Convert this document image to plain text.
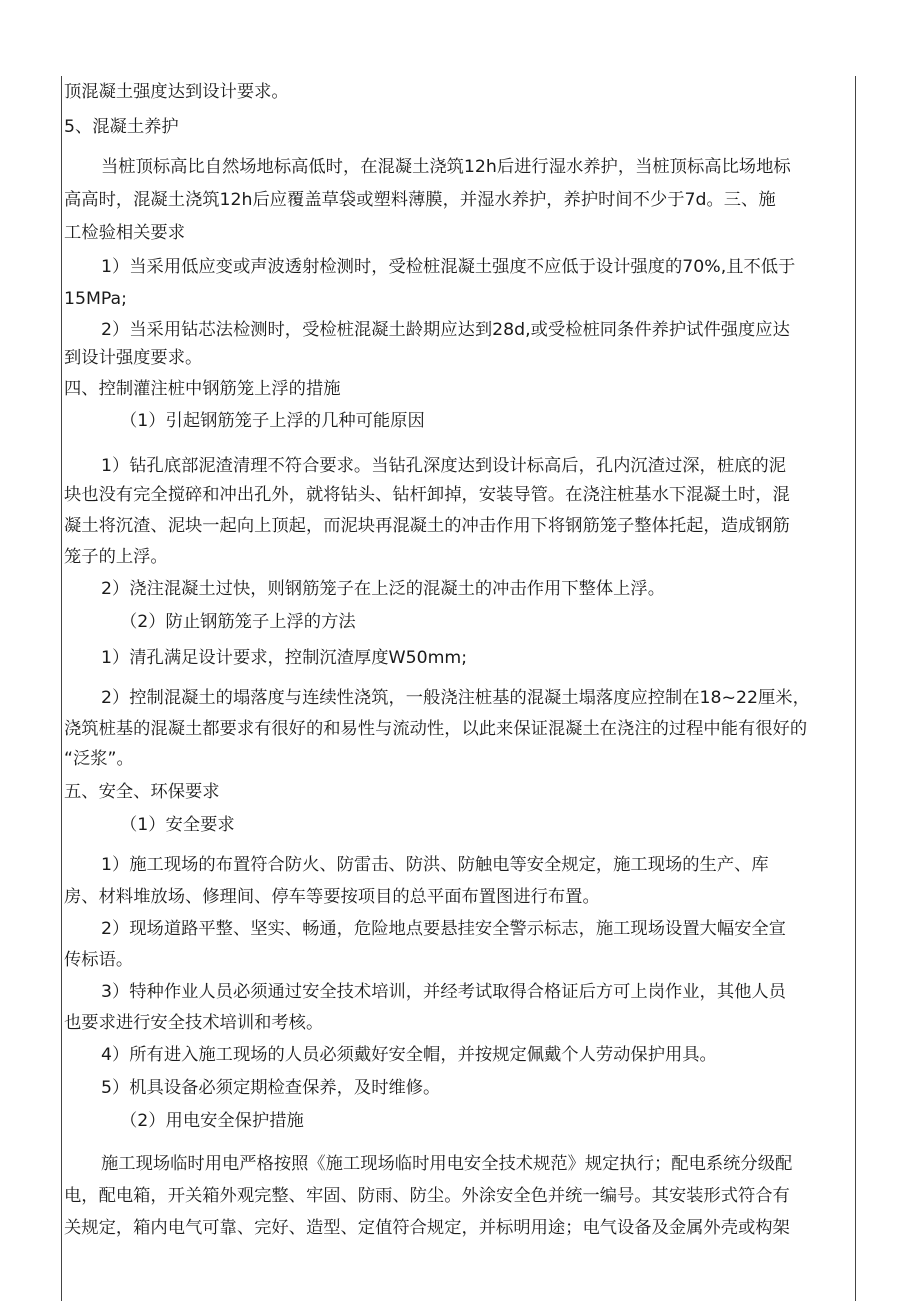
顶混凝土强度达到设计要求。
5、混凝土养护
当桩顶标高比自然场地标高低时，在混凝土浇筑12h后进行湿水养护，当桩顶标高比场地标
高高时，混凝土浇筑12h后应覆盖草袋或塑料薄膜，并湿水养护，养护时间不少于7d。三、施
工检验相关要求
1）当采用低应变或声波透射检测时，受检桩混凝土强度不应低于设计强度的70%,且不低于
15MPa;
2）当采用钻芯法检测时，受检桩混凝土龄期应达到28d,或受检桩同条件养护试件强度应达
到设计强度要求。
四、控制灌注桩中钢筋笼上浮的措施
（1）引起钢筋笼子上浮的几种可能原因
1）钻孔底部泥渣清理不符合要求。当钻孔深度达到设计标高后，孔内沉渣过深，桩底的泥
块也没有完全搅碎和冲出孔外，就将钻头、钻杆卸掉，安装导管。在浇注桩基水下混凝土时，混
凝土将沉渣、泥块一起向上顶起，而泥块再混凝土的冲击作用下将钢筋笼子整体托起，造成钢筋
笼子的上浮。
2）浇注混凝土过快，则钢筋笼子在上泛的混凝土的冲击作用下整体上浮。
（2）防止钢筋笼子上浮的方法
1）清孔满足设计要求，控制沉渣厚度W50mm;
2）控制混凝土的塌落度与连续性浇筑，一般浇注桩基的混凝土塌落度应控制在18~22厘米，
浇筑桩基的混凝土都要求有很好的和易性与流动性，以此来保证混凝土在浇注的过程中能有很好的
“泛浆”。
五、安全、环保要求
（1）安全要求
1）施工现场的布置符合防火、防雷击、防洪、防触电等安全规定，施工现场的生产、库
房、材料堆放场、修理间、停车等要按项目的总平面布置图进行布置。
2）现场道路平整、坚实、畅通，危险地点要悬挂安全警示标志，施工现场设置大幅安全宣
传标语。
3）特种作业人员必须通过安全技术培训，并经考试取得合格证后方可上岗作业，其他人员
也要求进行安全技术培训和考核。
4）所有进入施工现场的人员必须戴好安全帽，并按规定佩戴个人劳动保护用具。
5）机具设备必须定期检查保养，及时维修。
（2）用电安全保护措施
施工现场临时用电严格按照《施工现场临时用电安全技术规范》规定执行；配电系统分级配
电，配电箱，开关箱外观完整、牢固、防雨、防尘。外涂安全色并统一编号。其安装形式符合有
关规定，箱内电气可靠、完好、造型、定值符合规定，并标明用途；电气设备及金属外壳或构架
